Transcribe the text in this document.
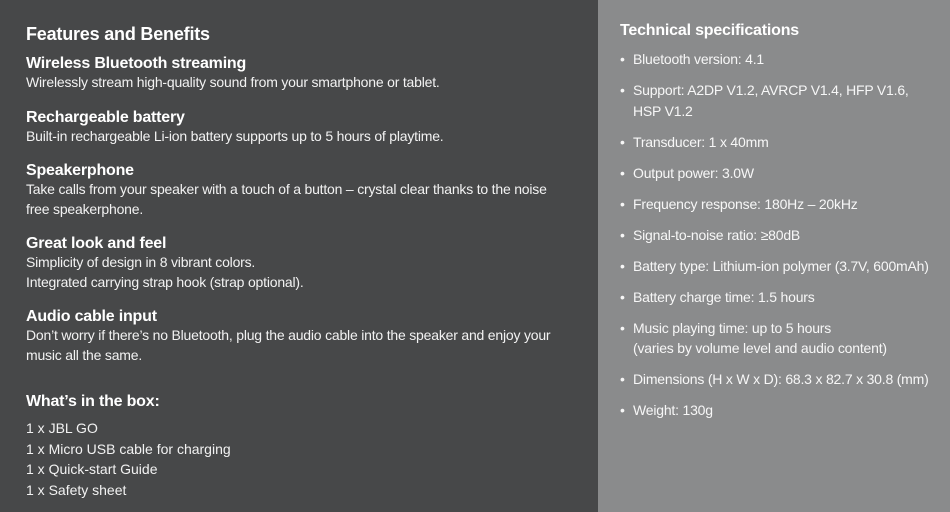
Features and Benefits
Wireless Bluetooth streaming
Wirelessly stream high-quality sound from your smartphone or tablet.
Rechargeable battery
Built-in rechargeable Li-ion battery supports up to 5 hours of playtime.
Speakerphone
Take calls from your speaker with a touch of a button – crystal clear thanks to the noise
free speakerphone.
Great look and feel
Simplicity of design in 8 vibrant colors.
Integrated carrying strap hook (strap optional).
Audio cable input
Don’t worry if there’s no Bluetooth, plug the audio cable into the speaker and enjoy your
music all the same.
What’s in the box:
1 x JBL GO
1 x Micro USB cable for charging
1 x Quick-start Guide
1 x Safety sheet
Technical specifications
• Bluetooth version: 4.1
• Support: A2DP V1.2, AVRCP V1.4, HFP V1.6,
HSP V1.2
• Transducer: 1 x 40mm
• Output power: 3.0W
• Frequency response: 180Hz – 20kHz
• Signal-to-noise ratio: ≥80dB
• Battery type: Lithium-ion polymer (3.7V, 600mAh)
• Battery charge time: 1.5 hours
• Music playing time: up to 5 hours
(varies by volume level and audio content)
• Dimensions (H x W x D): 68.3 x 82.7 x 30.8 (mm)
• Weight: 130g
